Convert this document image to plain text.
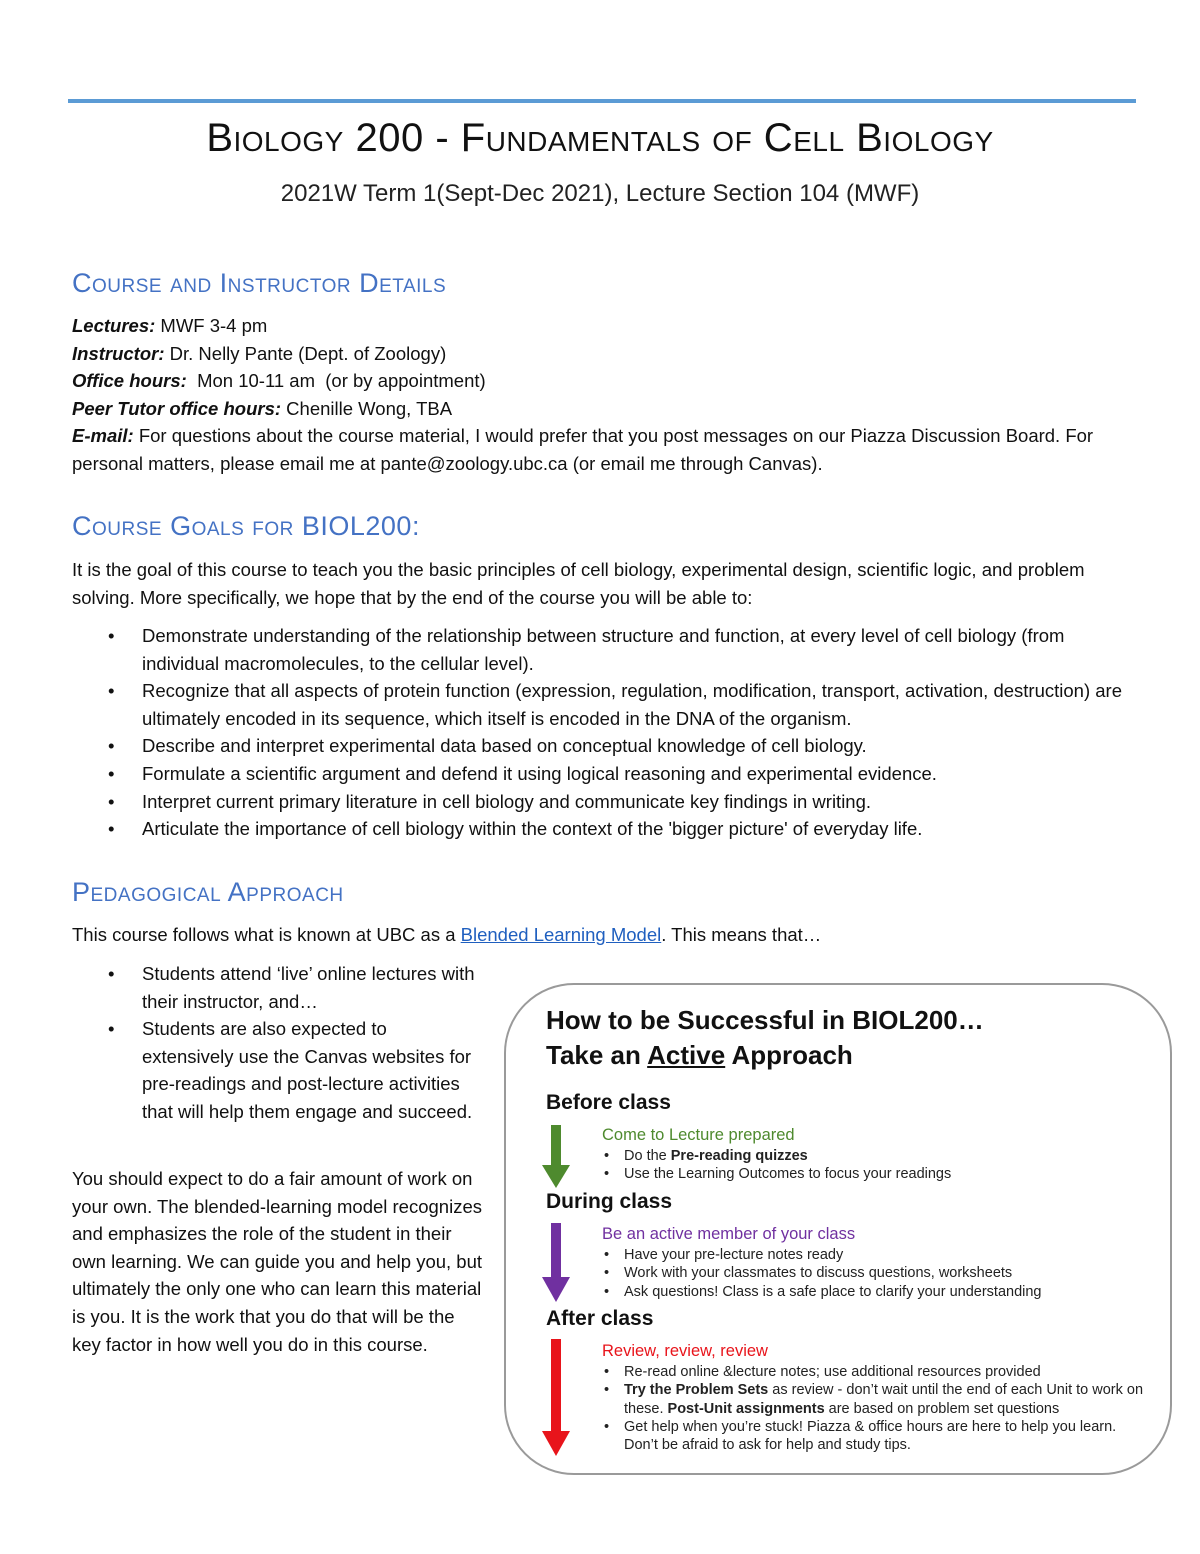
Biology 200 - Fundamentals of Cell Biology
2021W Term 1(Sept-Dec 2021), Lecture Section 104 (MWF)
Course and Instructor Details

Lectures: MWF 3-4 pm

Instructor: Dr. Nelly Pante (Dept. of Zoology)

Office hours:  Mon 10-11 am  (or by appointment)

Peer Tutor office hours: Chenille Wong, TBA

E-mail: For questions about the course material, I would prefer that you post messages on our Piazza Discussion Board. For personal matters, please email me at pante@zoology.ubc.ca (or email me through Canvas).

Course Goals for BIOL200:
It is the goal of this course to teach you the basic principles of cell biology, experimental design, scientific logic, and problem solving. More specifically, we hope that by the end of the course you will be able to:
• Demonstrate understanding of the relationship between structure and function, at every level of cell biology (from individual macromolecules, to the cellular level).
• Recognize that all aspects of protein function (expression, regulation, modification, transport, activation, destruction) are ultimately encoded in its sequence, which itself is encoded in the DNA of the organism.
• Describe and interpret experimental data based on conceptual knowledge of cell biology.
• Formulate a scientific argument and defend it using logical reasoning and experimental evidence.
• Interpret current primary literature in cell biology and communicate key findings in writing.
• Articulate the importance of cell biology within the context of the 'bigger picture' of everyday life.
Pedagogical Approach
This course follows what is known at UBC as a Blended Learning Model. This means that…
• Students attend ‘live’ online lectures with their instructor, and…
• Students are also expected to extensively use the Canvas websites for pre-readings and post-lecture activities that will help them engage and succeed.
You should expect to do a fair amount of work on your own. The blended-learning model recognizes and emphasizes the role of the student in their own learning. We can guide you and help you, but ultimately the only one who can learn this material is you. It is the work that you do that will be the key factor in how well you do in this course.
How to be Successful in BIOL200…
Take an Active Approach
Before class
Come to Lecture prepared
• Do the Pre-reading quizzes
• Use the Learning Outcomes to focus your readings
During class
Be an active member of your class
• Have your pre-lecture notes ready
• Work with your classmates to discuss questions, worksheets
• Ask questions! Class is a safe place to clarify your understanding
After class
Review, review, review
• Re-read online &lecture notes; use additional resources provided
• Try the Problem Sets as review - don’t wait until the end of each Unit to work on these. Post-Unit assignments are based on problem set questions
• Get help when you’re stuck! Piazza & office hours are here to help you learn. Don’t be afraid to ask for help and study tips.
